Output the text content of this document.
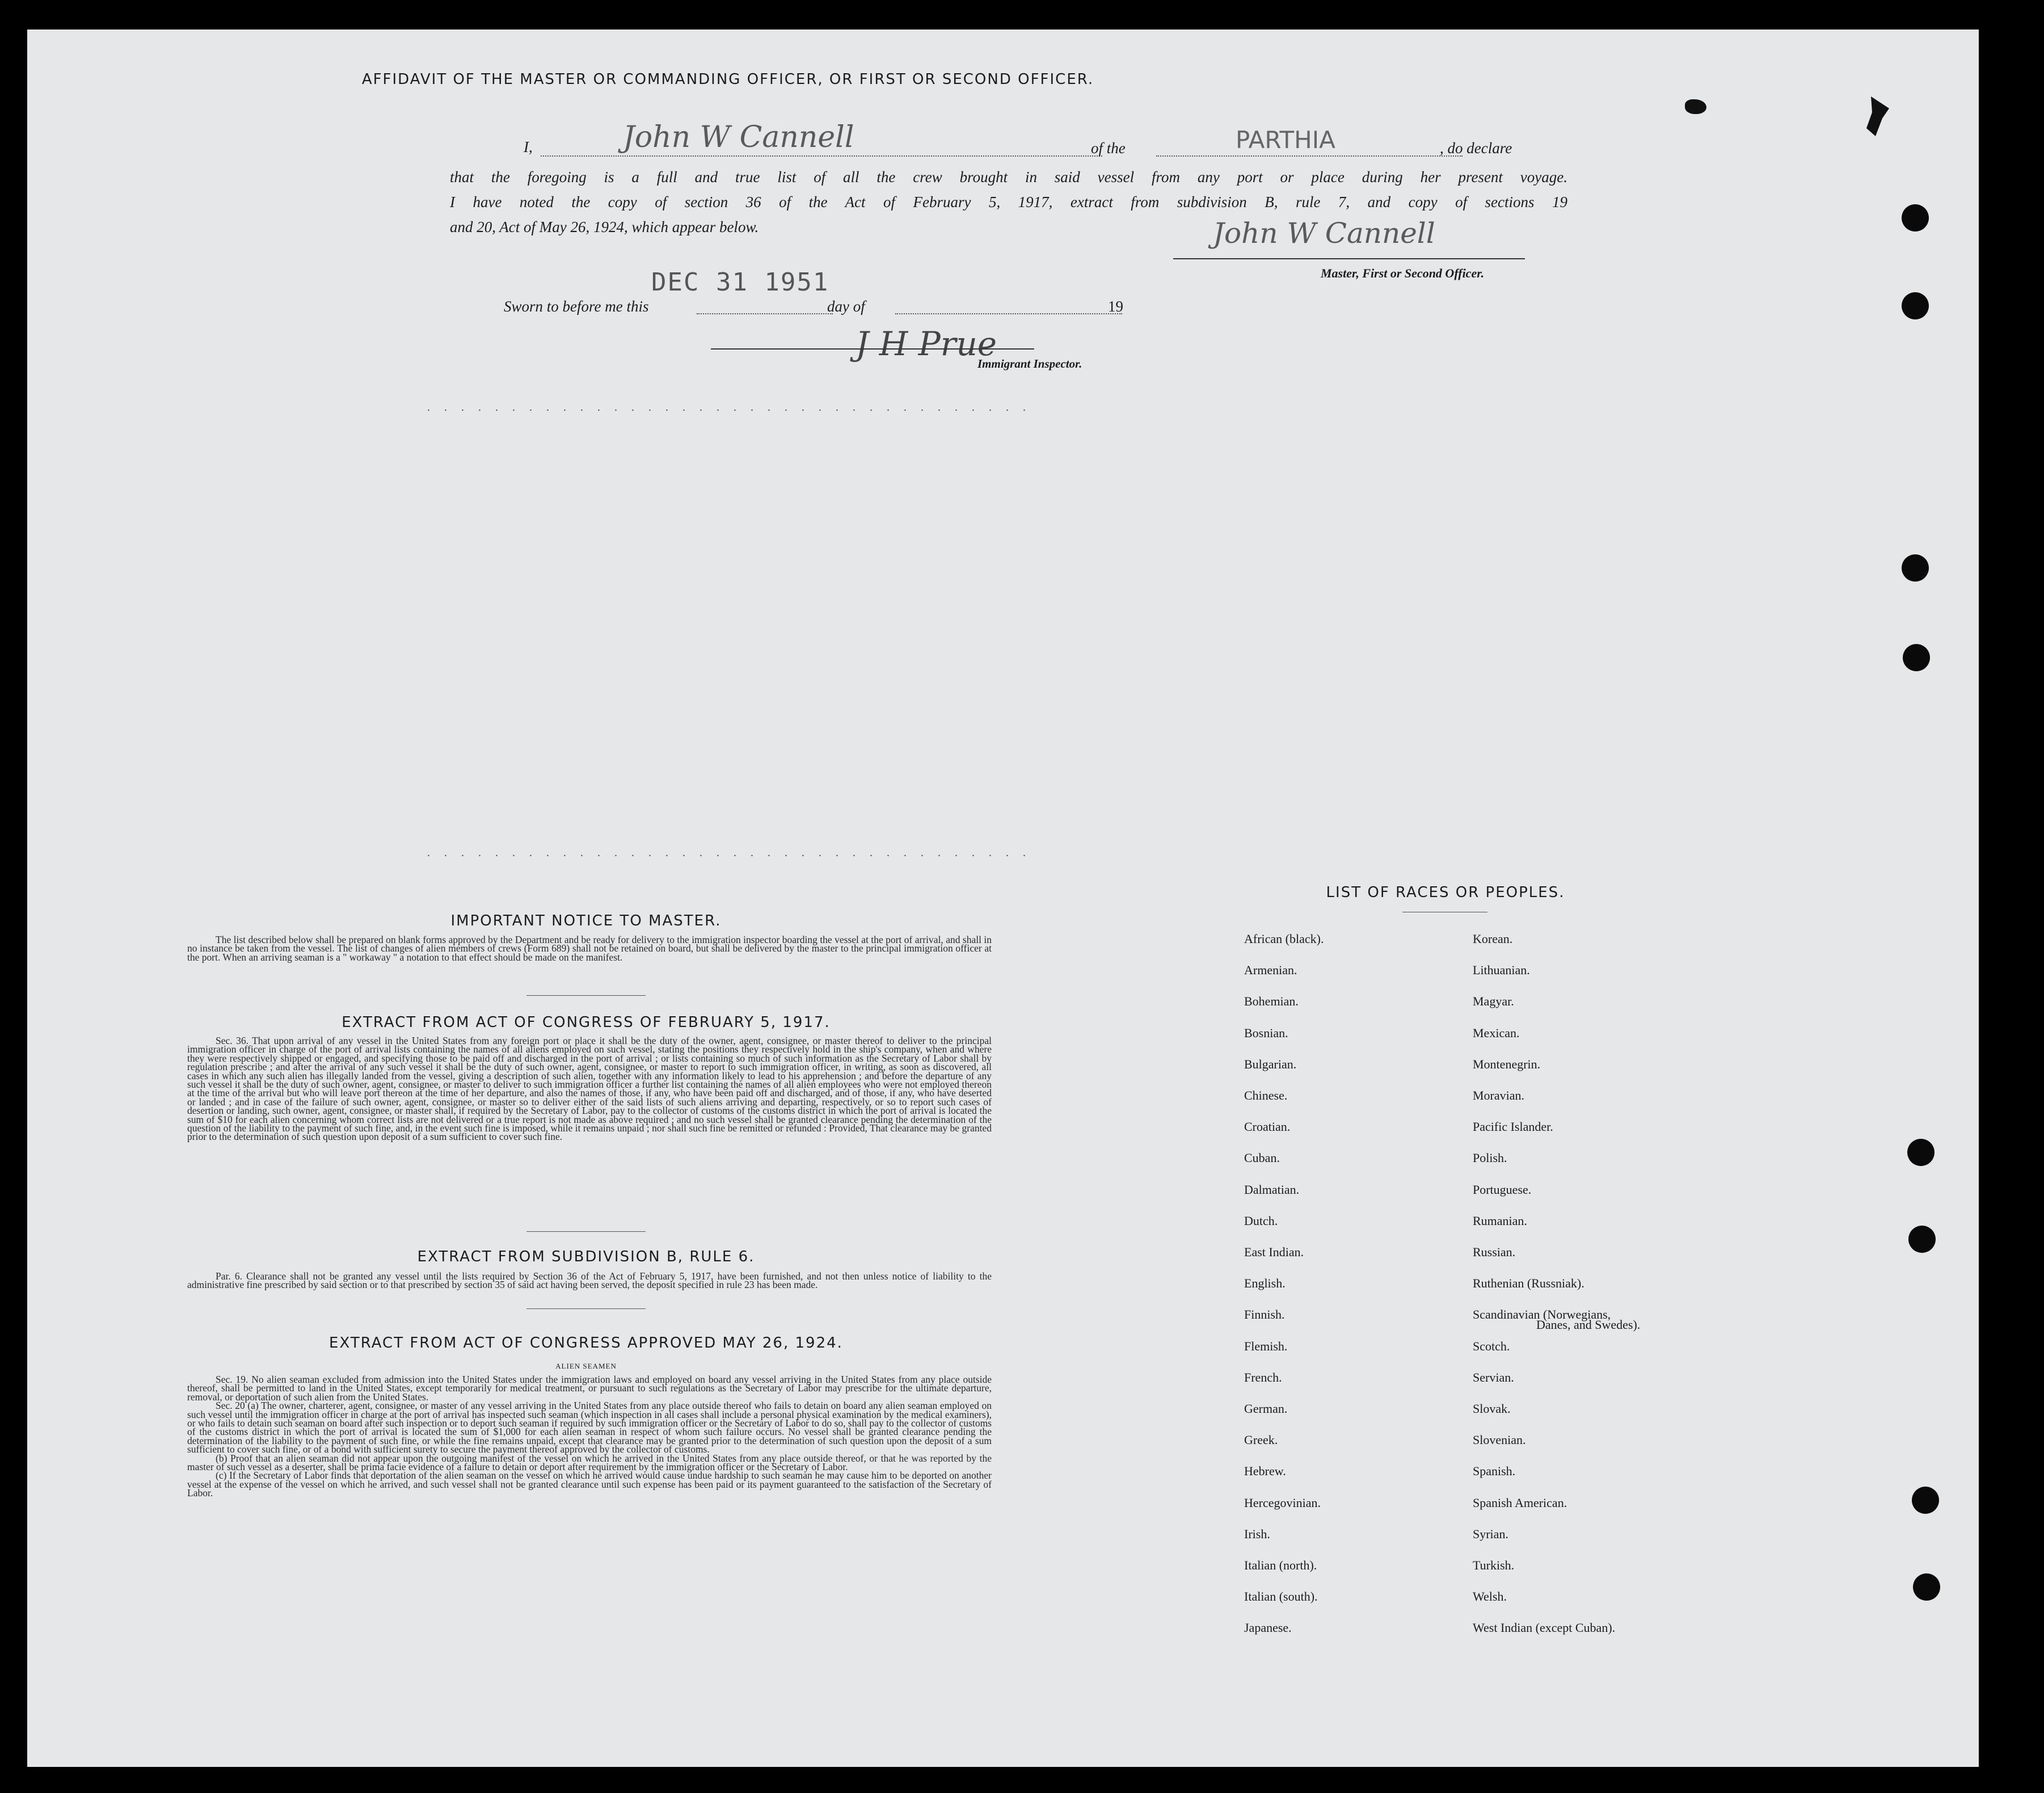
AFFIDAVIT OF THE MASTER OR COMMANDING OFFICER, OR FIRST OR SECOND OFFICER.
I,	John W Cannell	of the	PARTHIA	, do declare
that the foregoing is a full and true list of all the crew brought in said vessel from any port or place during her present voyage.
I have noted the copy of section 36 of the Act of February 5, 1917, extract from subdivision B, rule 7, and copy of sections 19
and 20, Act of May 26, 1924, which appear below.	John W Cannell
Master, First or Second Officer.
Sworn to before me this
DEC 31 1951
day of	19
J H Prue
Immigrant Inspector.
IMPORTANT NOTICE TO MASTER.

The list described below shall be prepared on blank forms approved by the Department and be ready for delivery to the immigration inspector boarding the vessel at the port of arrival, and shall in no instance be taken from the vessel. The list of changes of alien members of crews (Form 689) shall not be retained on board, but shall be delivered by the master to the principal immigration officer at the port. When an arriving seaman is a " workaway " a notation to that effect should be made on the manifest.

EXTRACT FROM ACT OF CONGRESS OF FEBRUARY 5, 1917.

Sec. 36. That upon arrival of any vessel in the United States from any foreign port or place it shall be the duty of the owner, agent, consignee, or master thereof to deliver to the principal immigration officer in charge of the port of arrival lists containing the names of all aliens employed on such vessel, stating the positions they respectively hold in the ship's company, when and where they were respectively shipped or engaged, and specifying those to be paid off and discharged in the port of arrival ; or lists containing so much of such information as the Secretary of Labor shall by regulation prescribe ; and after the arrival of any such vessel it shall be the duty of such owner, agent, consignee, or master to report to such immigration officer, in writing, as soon as discovered, all cases in which any such alien has illegally landed from the vessel, giving a description of such alien, together with any information likely to lead to his apprehension ; and before the departure of any such vessel it shall be the duty of such owner, agent, consignee, or master to deliver to such immigration officer a further list containing the names of all alien employees who were not employed thereon at the time of the arrival but who will leave port thereon at the time of her departure, and also the names of those, if any, who have been paid off and discharged, and of those, if any, who have deserted or landed ; and in case of the failure of such owner, agent, consignee, or master so to deliver either of the said lists of such aliens arriving and departing, respectively, or so to report such cases of desertion or landing, such owner, agent, consignee, or master shall, if required by the Secretary of Labor, pay to the collector of customs of the customs district in which the port of arrival is located the sum of $10 for each alien concerning whom correct lists are not delivered or a true report is not made as above required ; and no such vessel shall be granted clearance pending the determination of the question of the liability to the payment of such fine, and, in the event such fine is imposed, while it remains unpaid ; nor shall such fine be remitted or refunded : Provided, That clearance may be granted prior to the determination of such question upon deposit of a sum sufficient to cover such fine.

EXTRACT FROM SUBDIVISION B, RULE 6.

Par. 6. Clearance shall not be granted any vessel until the lists required by Section 36 of the Act of February 5, 1917, have been furnished, and not then unless notice of liability to the administrative fine prescribed by said section or to that prescribed by section 35 of said act having been served, the deposit specified in rule 23 has been made.

EXTRACT FROM ACT OF CONGRESS APPROVED MAY 26, 1924.
ALIEN SEAMEN

Sec. 19. No alien seaman excluded from admission into the United States under the immigration laws and employed on board any vessel arriving in the United States from any place outside thereof, shall be permitted to land in the United States, except temporarily for medical treatment, or pursuant to such regulations as the Secretary of Labor may prescribe for the ultimate departure, removal, or deportation of such alien from the United States.

Sec. 20 (a) The owner, charterer, agent, consignee, or master of any vessel arriving in the United States from any place outside thereof who fails to detain on board any alien seaman employed on such vessel until the immigration officer in charge at the port of arrival has inspected such seaman (which inspection in all cases shall include a personal physical examination by the medical examiners), or who fails to detain such seaman on board after such inspection or to deport such seaman if required by such immigration officer or the Secretary of Labor to do so, shall pay to the collector of customs of the customs district in which the port of arrival is located the sum of $1,000 for each alien seaman in respect of whom such failure occurs. No vessel shall be granted clearance pending the determination of the liability to the payment of such fine, or while the fine remains unpaid, except that clearance may be granted prior to the determination of such question upon the deposit of a sum sufficient to cover such fine, or of a bond with sufficient surety to secure the payment thereof approved by the collector of customs.

(b) Proof that an alien seaman did not appear upon the outgoing manifest of the vessel on which he arrived in the United States from any place outside thereof, or that he was reported by the master of such vessel as a deserter, shall be prima facie evidence of a failure to detain or deport after requirement by the immigration officer or the Secretary of Labor.

(c) If the Secretary of Labor finds that deportation of the alien seaman on the vessel on which he arrived would cause undue hardship to such seaman he may cause him to be deported on another vessel at the expense of the vessel on which he arrived, and such vessel shall not be granted clearance until such expense has been paid or its payment guaranteed to the satisfaction of the Secretary of Labor.

LIST OF RACES OR PEOPLES.
African (black).
Armenian.
Bohemian.
Bosnian.
Bulgarian.
Chinese.
Croatian.
Cuban.
Dalmatian.
Dutch.
East Indian.
English.
Finnish.
Flemish.
French.
German.
Greek.
Hebrew.
Hercegovinian.
Irish.
Italian (north).
Italian (south).
Japanese.
Korean.
Lithuanian.
Magyar.
Mexican.
Montenegrin.
Moravian.
Pacific Islander.
Polish.
Portuguese.
Rumanian.
Russian.
Ruthenian (Russniak).
Scandinavian (Norwegians,
Scotch.
Servian.
Slovak.
Slovenian.
Spanish.
Spanish American.
Syrian.
Turkish.
Welsh.
West Indian (except Cuban).
Danes, and Swedes).
. . . . . . . . . . . . . . . . . . . . . . . . . . . . . . . . . . . .
. . . . . . . . . . . . . . . . . . . . . . . . . . . . . . . . . . . .
